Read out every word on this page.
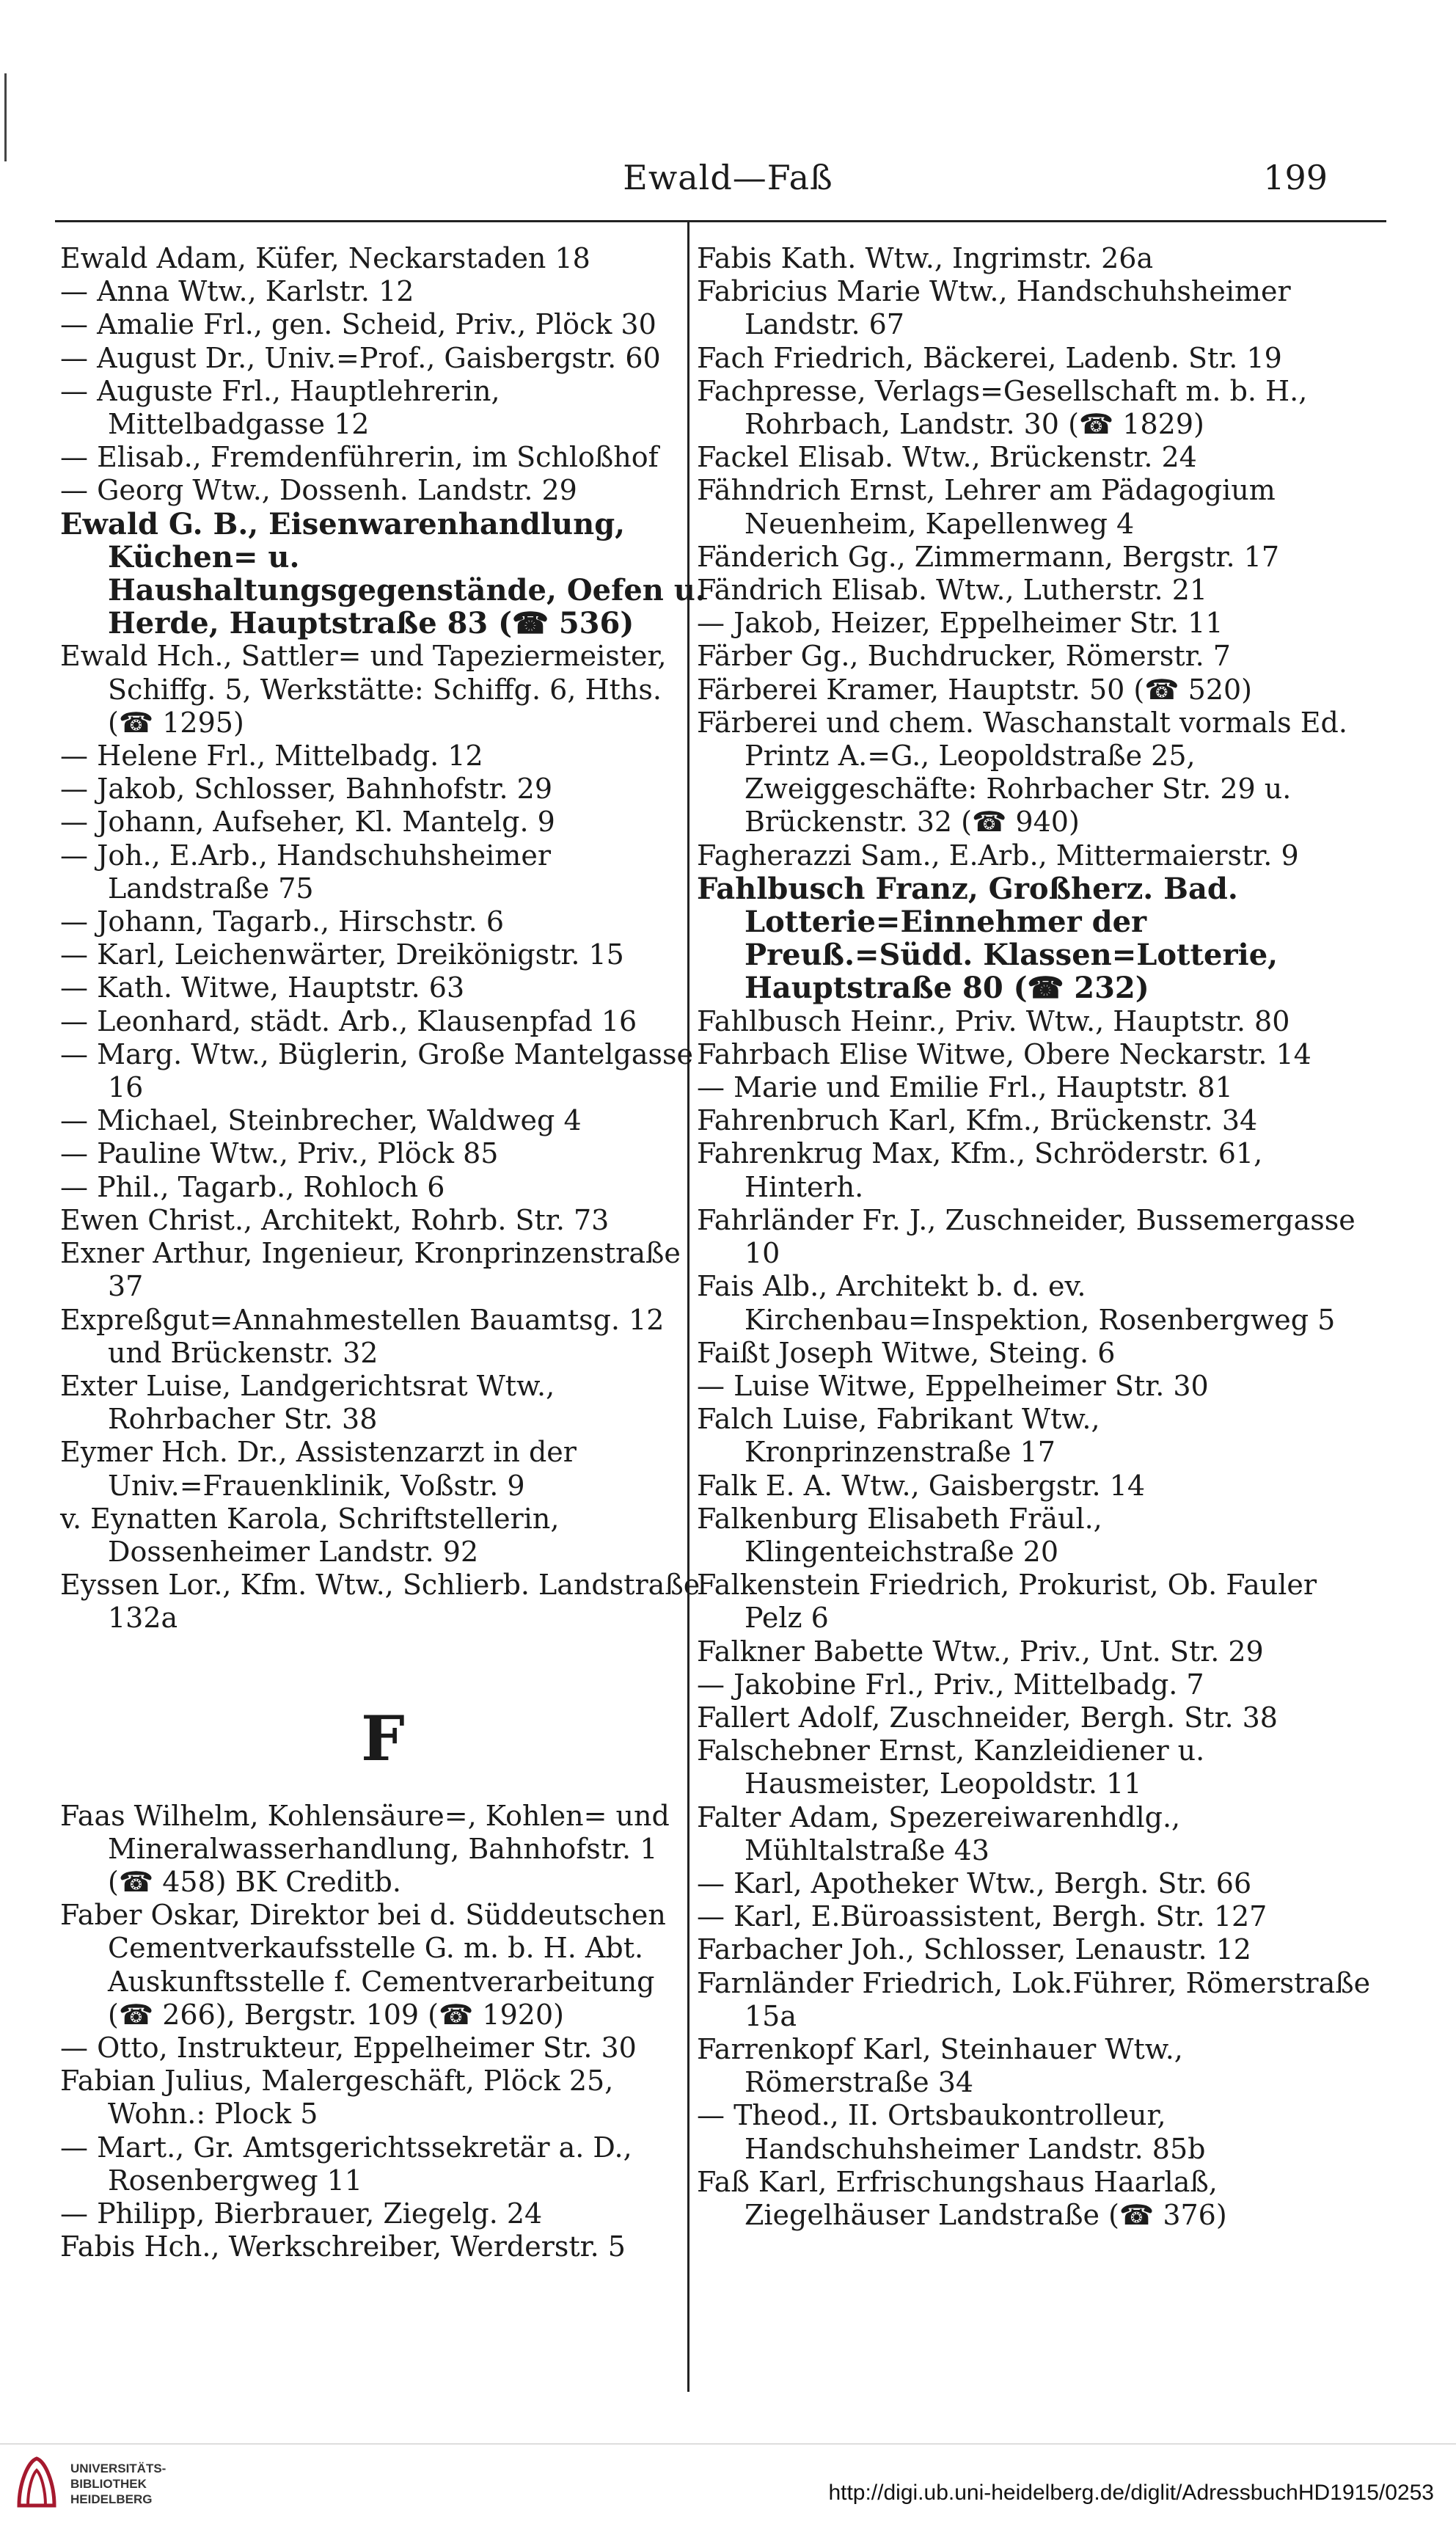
Ewald—Faß	199

Ewald Adam, Küfer, Neckarstaden 18

— Anna Wtw., Karlstr. 12

— Amalie Frl., gen. Scheid, Priv., Plöck 30

— August Dr., Univ.=Prof., Gaisbergstr. 60

— Auguste Frl., Hauptlehrerin, Mittelbadgasse 12

— Elisab., Fremdenführerin, im Schloßhof

— Georg Wtw., Dossenh. Landstr. 29

Ewald G. B., Eisenwarenhandlung, Küchen= u. Haushaltungsgegenstände, Oefen u. Herde, Hauptstraße 83 (☎ 536)

Ewald Hch., Sattler= und Tapeziermeister, Schiffg. 5, Werkstätte: Schiffg. 6, Hths. (☎ 1295)

— Helene Frl., Mittelbadg. 12

— Jakob, Schlosser, Bahnhofstr. 29

— Johann, Aufseher, Kl. Mantelg. 9

— Joh., E.Arb., Handschuhsheimer Landstraße 75

— Johann, Tagarb., Hirschstr. 6

— Karl, Leichenwärter, Dreikönigstr. 15

— Kath. Witwe, Hauptstr. 63

— Leonhard, städt. Arb., Klausenpfad 16

— Marg. Wtw., Büglerin, Große Mantelgasse 16

— Michael, Steinbrecher, Waldweg 4

— Pauline Wtw., Priv., Plöck 85

— Phil., Tagarb., Rohloch 6

Ewen Christ., Architekt, Rohrb. Str. 73

Exner Arthur, Ingenieur, Kronprinzenstraße 37

Expreßgut=Annahmestellen Bauamtsg. 12 und Brückenstr. 32

Exter Luise, Landgerichtsrat Wtw., Rohrbacher Str. 38

Eymer Hch. Dr., Assistenzarzt in der Univ.=Frauenklinik, Voßstr. 9

v. Eynatten Karola, Schriftstellerin, Dossenheimer Landstr. 92

Eyssen Lor., Kfm. Wtw., Schlierb. Landstraße 132a

F

Faas Wilhelm, Kohlensäure=, Kohlen= und Mineralwasserhandlung, Bahnhofstr. 1 (☎ 458) BK Creditb.

Faber Oskar, Direktor bei d. Süddeutschen Cementverkaufsstelle G. m. b. H. Abt. Auskunftsstelle f. Cementverarbeitung (☎ 266), Bergstr. 109 (☎ 1920)

— Otto, Instrukteur, Eppelheimer Str. 30

Fabian Julius, Malergeschäft, Plöck 25, Wohn.: Plock 5

— Mart., Gr. Amtsgerichtssekretär a. D., Rosenbergweg 11

— Philipp, Bierbrauer, Ziegelg. 24

Fabis Hch., Werkschreiber, Werderstr. 5

Fabis Kath. Wtw., Ingrimstr. 26a

Fabricius Marie Wtw., Handschuhsheimer Landstr. 67

Fach Friedrich, Bäckerei, Ladenb. Str. 19

Fachpresse, Verlags=Gesellschaft m. b. H., Rohrbach, Landstr. 30 (☎ 1829)

Fackel Elisab. Wtw., Brückenstr. 24

Fähndrich Ernst, Lehrer am Pädagogium Neuenheim, Kapellenweg 4

Fänderich Gg., Zimmermann, Bergstr. 17

Fändrich Elisab. Wtw., Lutherstr. 21

— Jakob, Heizer, Eppelheimer Str. 11

Färber Gg., Buchdrucker, Römerstr. 7

Färberei Kramer, Hauptstr. 50 (☎ 520)

Färberei und chem. Waschanstalt vormals Ed. Printz A.=G., Leopoldstraße 25, Zweiggeschäfte: Rohrbacher Str. 29 u. Brückenstr. 32 (☎ 940)

Fagherazzi Sam., E.Arb., Mittermaierstr. 9

Fahlbusch Franz, Großherz. Bad. Lotterie=Einnehmer der Preuß.=Südd. Klassen=Lotterie, Hauptstraße 80 (☎ 232)

Fahlbusch Heinr., Priv. Wtw., Hauptstr. 80

Fahrbach Elise Witwe, Obere Neckarstr. 14

— Marie und Emilie Frl., Hauptstr. 81

Fahrenbruch Karl, Kfm., Brückenstr. 34

Fahrenkrug Max, Kfm., Schröderstr. 61, Hinterh.

Fahrländer Fr. J., Zuschneider, Bussemergasse 10

Fais Alb., Architekt b. d. ev. Kirchenbau=Inspektion, Rosenbergweg 5

Faißt Joseph Witwe, Steing. 6

— Luise Witwe, Eppelheimer Str. 30

Falch Luise, Fabrikant Wtw., Kronprinzenstraße 17

Falk E. A. Wtw., Gaisbergstr. 14

Falkenburg Elisabeth Fräul., Klingenteichstraße 20

Falkenstein Friedrich, Prokurist, Ob. Fauler Pelz 6

Falkner Babette Wtw., Priv., Unt. Str. 29

— Jakobine Frl., Priv., Mittelbadg. 7

Fallert Adolf, Zuschneider, Bergh. Str. 38

Falschebner Ernst, Kanzleidiener u. Hausmeister, Leopoldstr. 11

Falter Adam, Spezereiwarenhdlg., Mühltalstraße 43

— Karl, Apotheker Wtw., Bergh. Str. 66

— Karl, E.Büroassistent, Bergh. Str. 127

Farbacher Joh., Schlosser, Lenaustr. 12

Farnländer Friedrich, Lok.Führer, Römerstraße 15a

Farrenkopf Karl, Steinhauer Wtw., Römerstraße 34

— Theod., II. Ortsbaukontrolleur, Handschuhsheimer Landstr. 85b

Faß Karl, Erfrischungshaus Haarlaß, Ziegelhäuser Landstraße (☎ 376)

UNIVERSITÄTS-
BIBLIOTHEK
HEIDELBERG	http://digi.ub.uni-heidelberg.de/diglit/AdressbuchHD1915/0253
